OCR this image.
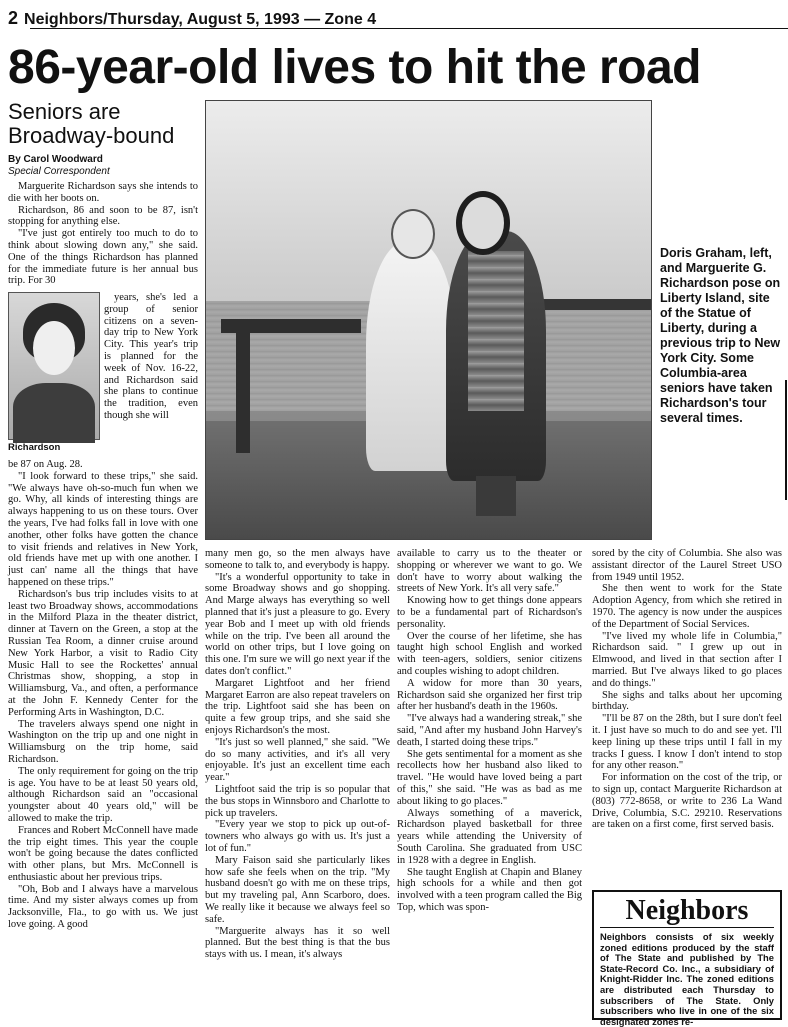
2 Neighbors/Thursday, August 5, 1993 — Zone 4
86-year-old lives to hit the road
Seniors are
Broadway-bound
By Carol Woodward
Special Correspondent

Marguerite Richardson says she intends to die with her boots on.

Richardson, 86 and soon to be 87, isn't stopping for anything else.

"I've just got entirely too much to do to think about slowing down any," she said. One of the things Richardson has planned for the immediate future is her annual bus trip. For 30

Richardson

years, she's led a group of senior citizens on a seven-day trip to New York City. This year's trip is planned for the week of Nov. 16-22, and Richardson said she plans to continue the tradition, even though she will

be 87 on Aug. 28.

"I look forward to these trips," she said. "We always have oh-so-much fun when we go. Why, all kinds of interesting things are always happening to us on these tours. Over the years, I've had folks fall in love with one another, other folks have gotten the chance to visit friends and relatives in New York, old friends have met up with one another. I just can' name all the things that have happened on these trips."

Richardson's bus trip includes visits to at least two Broadway shows, accommodations in the Milford Plaza in the theater district, dinner at Tavern on the Green, a stop at the Russian Tea Room, a dinner cruise around New York Harbor, a visit to Radio City Music Hall to see the Rockettes' annual Christmas show, shopping, a stop in Williamsburg, Va., and often, a performance at the John F. Kennedy Center for the Performing Arts in Washington, D.C.

The travelers always spend one night in Washington on the trip up and one night in Williamsburg on the trip home, said Richardson.

The only requirement for going on the trip is age. You have to be at least 50 years old, although Richardson said an "occasional youngster about 40 years old," will be allowed to make the trip.

Frances and Robert McConnell have made the trip eight times. This year the couple won't be going because the dates conflicted with other plans, but Mrs. McConnell is enthusiastic about her previous trips.

"Oh, Bob and I always have a marvelous time. And my sister always comes up from Jacksonville, Fla., to go with us. We just love going. A good

Doris Graham, left, and Marguerite G. Richardson pose on Liberty Island, site of the Statue of Liberty, during a previous trip to New York City. Some Columbia-area seniors have taken Richardson's tour several times.

many men go, so the men always have someone to talk to, and everybody is happy.

"It's a wonderful opportunity to take in some Broadway shows and go shopping. And Marge always has everything so well planned that it's just a pleasure to go. Every year Bob and I meet up with old friends while on the trip. I've been all around the world on other trips, but I love going on this one. I'm sure we will go next year if the dates don't conflict."

Margaret Lightfoot and her friend Margaret Earron are also repeat travelers on the trip. Lightfoot said she has been on quite a few group trips, and she said she enjoys Richardson's the most.

"It's just so well planned," she said. "We do so many activities, and it's all very enjoyable. It's just an excellent time each year."

Lightfoot said the trip is so popular that the bus stops in Winnsboro and Charlotte to pick up travelers.

"Every year we stop to pick up out-of-towners who always go with us. It's just a lot of fun."

Mary Faison said she particularly likes how safe she feels when on the trip. "My husband doesn't go with me on these trips, but my traveling pal, Ann Scarboro, does. We really like it because we always feel so safe.

"Marguerite always has it so well planned. But the best thing is that the bus stays with us. I mean, it's always

available to carry us to the theater or shopping or wherever we want to go. We don't have to worry about walking the streets of New York. It's all very safe."

Knowing how to get things done appears to be a fundamental part of Richardson's personality.

Over the course of her lifetime, she has taught high school English and worked with teen-agers, soldiers, senior citizens and couples wishing to adopt children.

A widow for more than 30 years, Richardson said she organized her first trip after her husband's death in the 1960s.

"I've always had a wandering streak," she said, "And after my husband John Harvey's death, I started doing these trips."

She gets sentimental for a moment as she recollects how her husband also liked to travel. "He would have loved being a part of this," she said. "He was as bad as me about liking to go places."

Always something of a maverick, Richardson played basketball for three years while attending the University of South Carolina. She graduated from USC in 1928 with a degree in English.

She taught English at Chapin and Blaney high schools for a while and then got involved with a teen program called the Big Top, which was spon-

sored by the city of Columbia. She also was assistant director of the Laurel Street USO from 1949 until 1952.

She then went to work for the State Adoption Agency, from which she retired in 1970. The agency is now under the auspices of the Department of Social Services.

"I've lived my whole life in Columbia," Richardson said. " I grew up out in Elmwood, and lived in that section after I married. But I've always liked to go places and do things."

She sighs and talks about her upcoming birthday.

"I'll be 87 on the 28th, but I sure don't feel it. I just have so much to do and see yet. I'll keep lining up these trips until I fall in my tracks I guess. I know I don't intend to stop for any other reason."

For information on the cost of the trip, or to sign up, contact Marguerite Richardson at (803) 772-8658, or write to 236 La Wand Drive, Columbia, S.C. 29210. Reservations are taken on a first come, first served basis.

Neighbors

Neighbors consists of six weekly zoned editions produced by the staff of The State and published by The State-Record Co. Inc., a subsidiary of Knight-Ridder Inc. The zoned editions are distributed each Thursday to subscribers of The State. Only subscribers who live in one of the six designated zones re-
